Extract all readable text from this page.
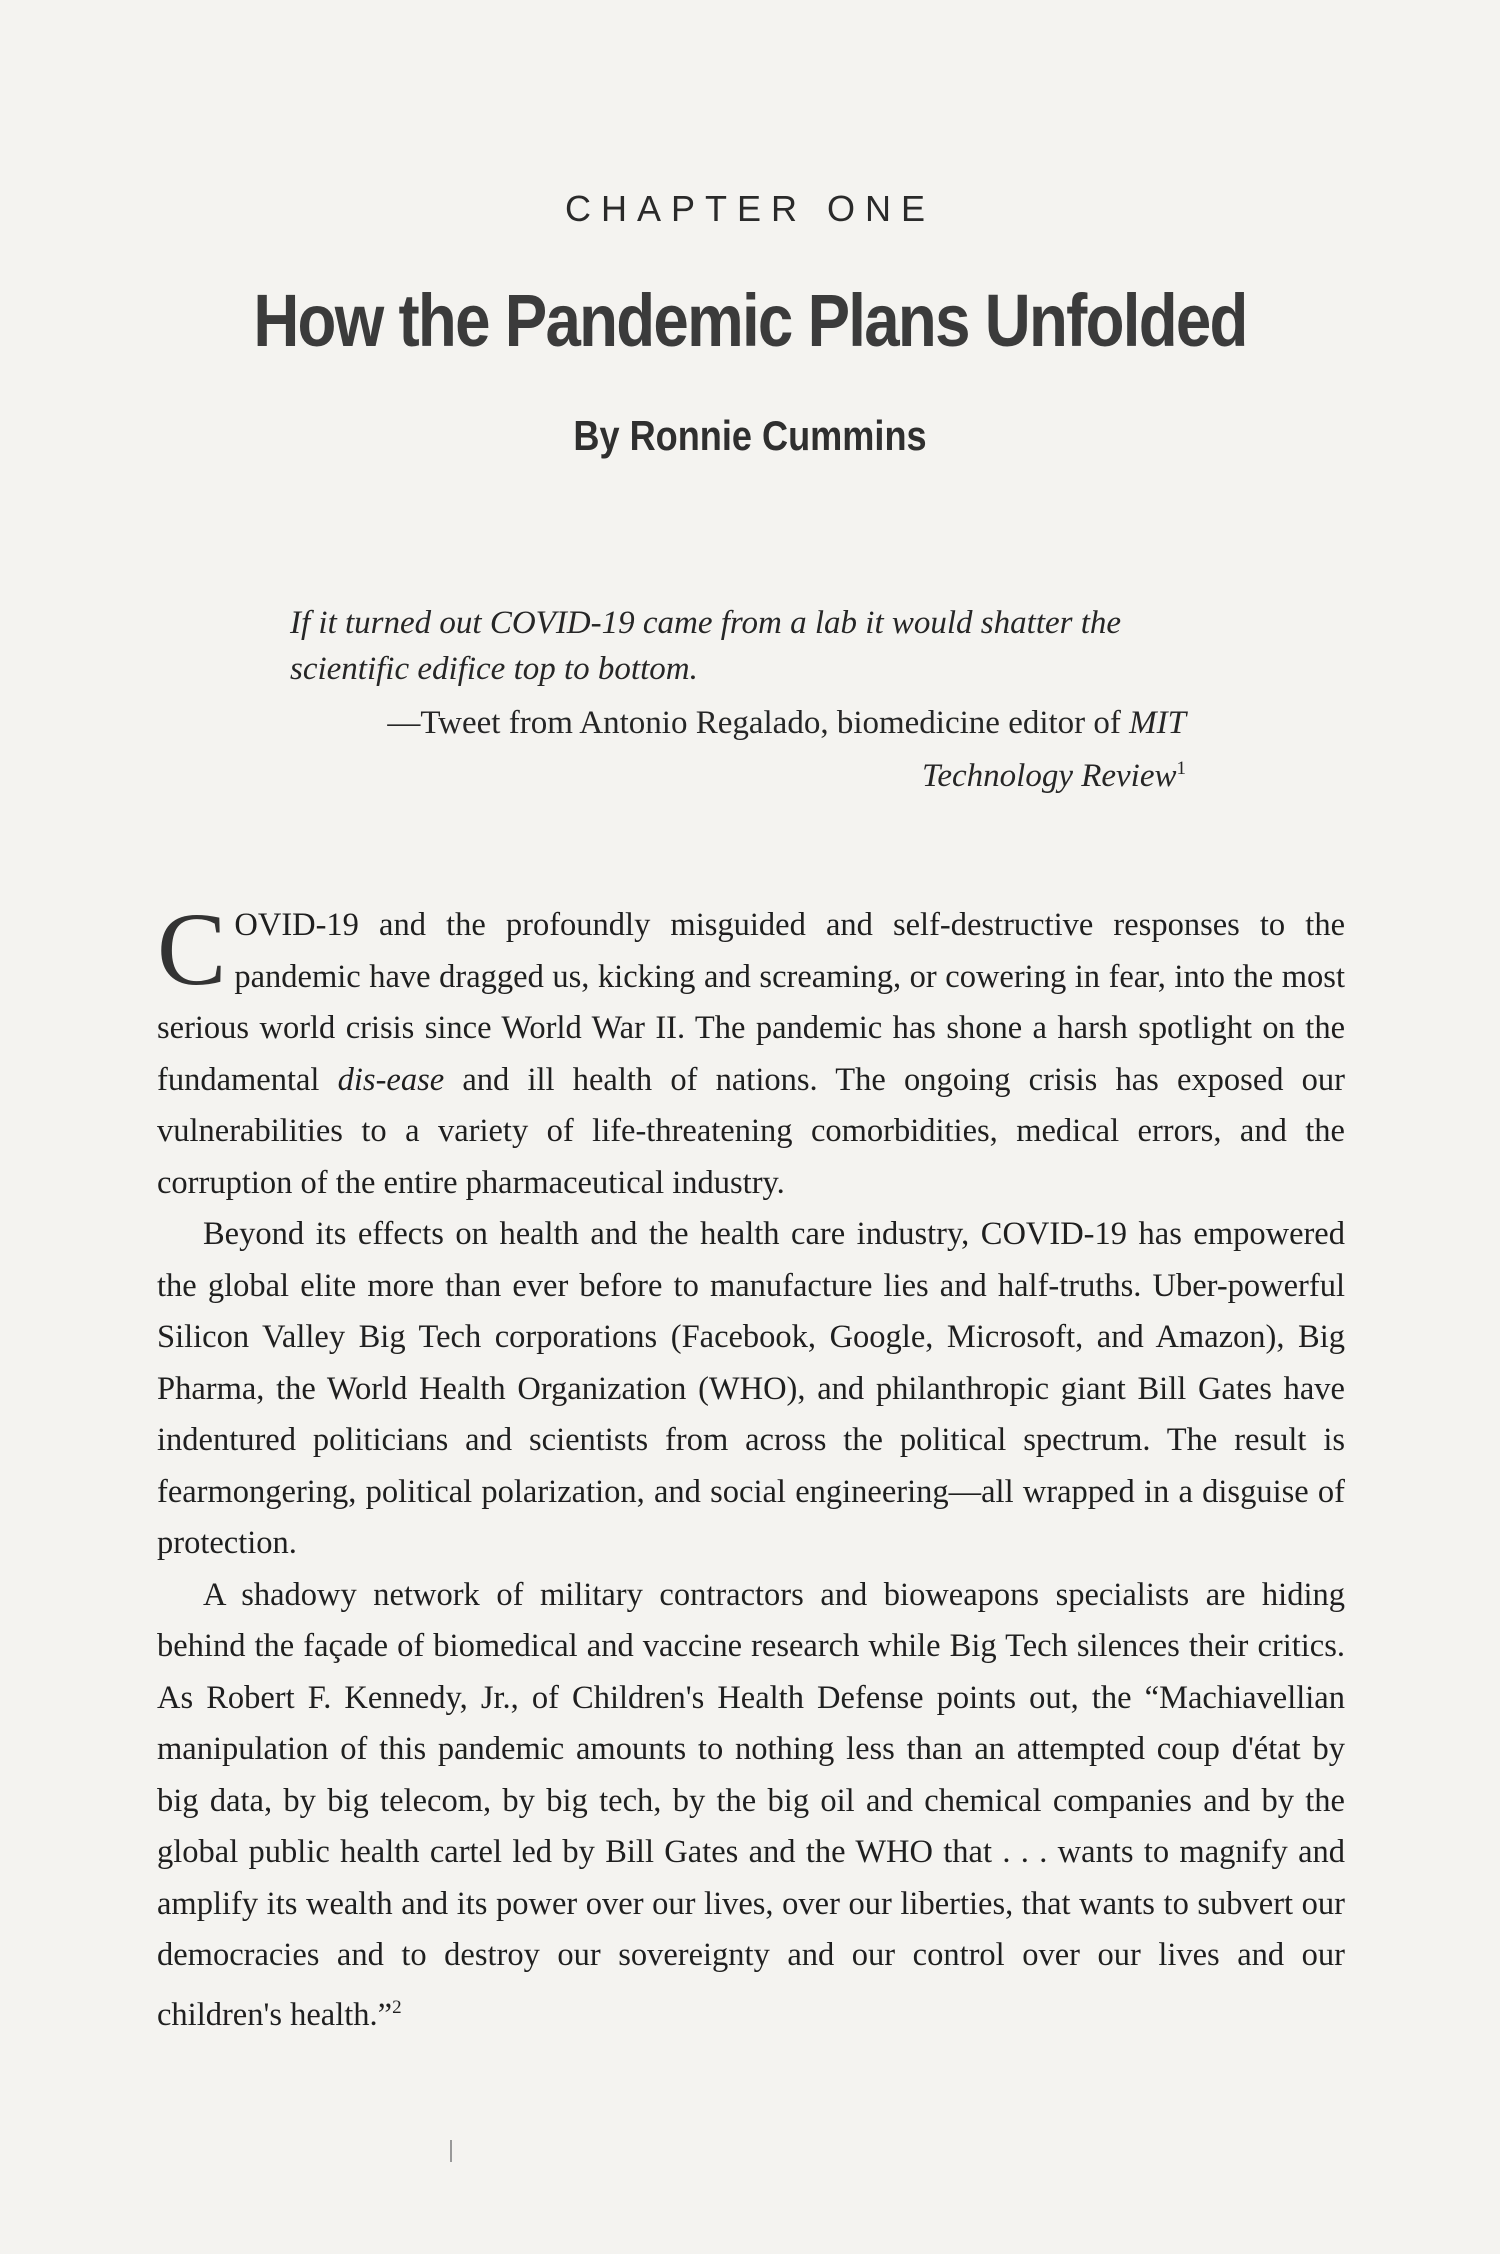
CHAPTER ONE
How the Pandemic Plans Unfolded
By Ronnie Cummins

If it turned out COVID-19 came from a lab it would shatter the scientific edifice top to bottom.

—Tweet from Antonio Regalado, biomedicine editor of MIT Technology Review$^1$

COVID-19 and the profoundly misguided and self-destructive responses to the pandemic have dragged us, kicking and screaming, or cowering in fear, into the most serious world crisis since World War II. The pandemic has shone a harsh spotlight on the fundamental dis-ease and ill health of nations. The ongoing crisis has exposed our vulnerabilities to a variety of life-threatening comorbidities, medical errors, and the corruption of the entire pharmaceutical industry.

Beyond its effects on health and the health care industry, COVID-19 has empowered the global elite more than ever before to manufacture lies and half-truths. Uber-powerful Silicon Valley Big Tech corporations (Facebook, Google, Microsoft, and Amazon), Big Pharma, the World Health Organization (WHO), and philanthropic giant Bill Gates have indentured politicians and scientists from across the political spectrum. The result is fearmongering, political polarization, and social engineering—all wrapped in a disguise of protection.

A shadowy network of military contractors and bioweapons specialists are hiding behind the façade of biomedical and vaccine research while Big Tech silences their critics. As Robert F. Kennedy, Jr., of Children's Health Defense points out, the “Machiavellian manipulation of this pandemic amounts to nothing less than an attempted coup d'état by big data, by big telecom, by big tech, by the big oil and chemical companies and by the global public health cartel led by Bill Gates and the WHO that . . . wants to magnify and amplify its wealth and its power over our lives, over our liberties, that wants to subvert our democracies and to destroy our sovereignty and our control over our lives and our children's health.”$^2$
